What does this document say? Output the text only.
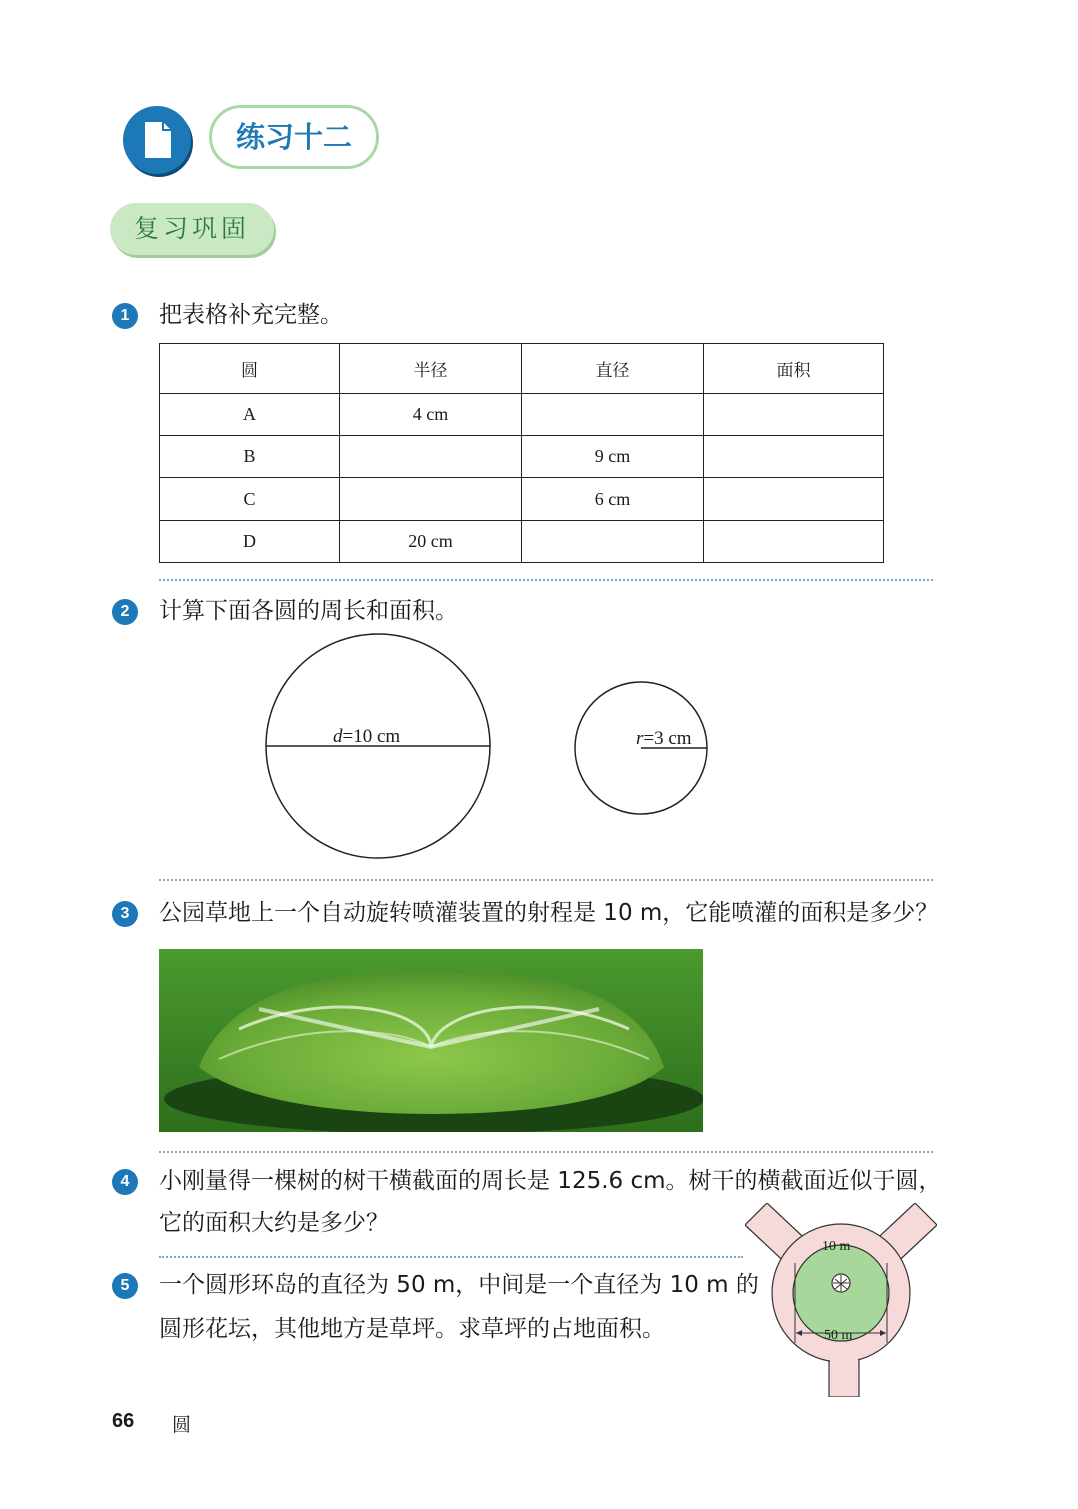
练习十二
复习巩固
1	把表格补充完整。
圆	半径	直径	面积
A	4 cm		
B		9 cm	
C		6 cm	
D	20 cm		
2	计算下面各圆的周长和面积。
d=10 cm	r=3 cm
3	公园草地上一个自动旋转喷灌装置的射程是 10 m，它能喷灌的面积是多少？
4	小刚量得一棵树的树干横截面的周长是 125.6 cm。树干的横截面近似于圆，
它的面积大约是多少？
5	一个圆形环岛的直径为 50 m，中间是一个直径为 10 m 的
圆形花坛，其他地方是草坪。求草坪的占地面积。
10 m
50 m
66 圆
